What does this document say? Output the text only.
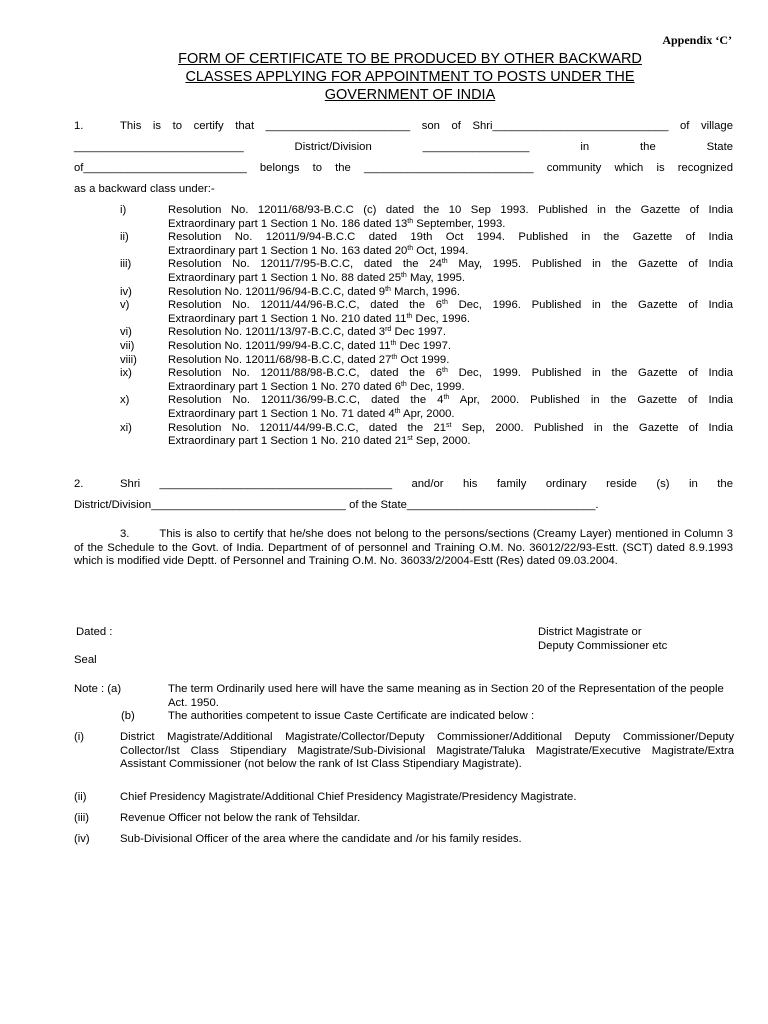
Appendix ‘C’
FORM OF CERTIFICATE TO BE PRODUCED BY OTHER BACKWARD
CLASSES APPLYING FOR APPOINTMENT TO POSTS UNDER THE
GOVERNMENT OF INDIA
1.	This is to certify that _______________________ son of Shri____________________________ of village
___________________________          District/Division          _________________          in          the          State
of__________________________ belongs to the ___________________________ community which is recognized
as a backward class under:-
i)	Resolution No. 12011/68/93-B.C.C (c) dated the 10 Sep 1993. Published in the Gazette of India
Extraordinary part 1 Section 1 No. 186 dated 13th September, 1993.
ii)	Resolution No. 12011/9/94-B.C.C dated 19th Oct 1994. Published in the Gazette of India
Extraordinary part 1 Section 1 No. 163 dated 20th Oct, 1994.
iii)	Resolution No. 12011/7/95-B.C.C, dated the 24th May, 1995. Published in the Gazette of India
Extraordinary part 1 Section 1 No. 88 dated 25th May, 1995.
iv)	Resolution No. 12011/96/94-B.C.C, dated 9th March, 1996.
v)	Resolution No. 12011/44/96-B.C.C, dated the 6th Dec, 1996. Published in the Gazette of India
Extraordinary part 1 Section 1 No. 210 dated 11th Dec, 1996.
vi)	Resolution No. 12011/13/97-B.C.C, dated 3rd Dec 1997.
vii)	Resolution No. 12011/99/94-B.C.C, dated 11th Dec 1997.
viii)	Resolution No. 12011/68/98-B.C.C, dated 27th Oct 1999.
ix)	Resolution No. 12011/88/98-B.C.C, dated the 6th Dec, 1999. Published in the Gazette of India
Extraordinary part 1 Section 1 No. 270 dated 6th Dec, 1999.
x)	Resolution No. 12011/36/99-B.C.C, dated the 4th Apr, 2000. Published in the Gazette of India
Extraordinary part 1 Section 1 No. 71 dated 4th Apr, 2000.
xi)	Resolution No. 12011/44/99-B.C.C, dated the 21st Sep, 2000. Published in the Gazette of India
Extraordinary part 1 Section 1 No. 210 dated 21st Sep, 2000.
2.	Shri  _____________________________________  and/or  his  family  ordinary  reside  (s)  in  the
District/Division_______________________________ of the State______________________________.
3.	This is also to certify that he/she does not belong to the persons/sections (Creamy Layer) mentioned in Column 3 of the Schedule to the Govt. of India. Department of of personnel and Training O.M. No. 36012/22/93-Estt. (SCT) dated 8.9.1993 which is modified vide Deptt. of Personnel and Training O.M. No. 36033/2/2004-Estt (Res) dated 09.03.2004.
Dated :	District Magistrate or
Deputy Commissioner etc
Seal
Note : (a)	The term Ordinarily used here will have the same meaning as in Section 20 of the Representation of the people Act. 1950.
(b)	The authorities competent to issue Caste Certificate are indicated below :
(i)	District Magistrate/Additional Magistrate/Collector/Deputy Commissioner/Additional Deputy Commissioner/Deputy Collector/Ist Class Stipendiary Magistrate/Sub-Divisional Magistrate/Taluka Magistrate/Executive Magistrate/Extra Assistant Commissioner (not below the rank of Ist Class Stipendiary Magistrate).
(ii)	Chief Presidency Magistrate/Additional Chief Presidency Magistrate/Presidency Magistrate.
(iii)	Revenue Officer not below the rank of Tehsildar.
(iv)	Sub-Divisional Officer of the area where the candidate and /or his family resides.
